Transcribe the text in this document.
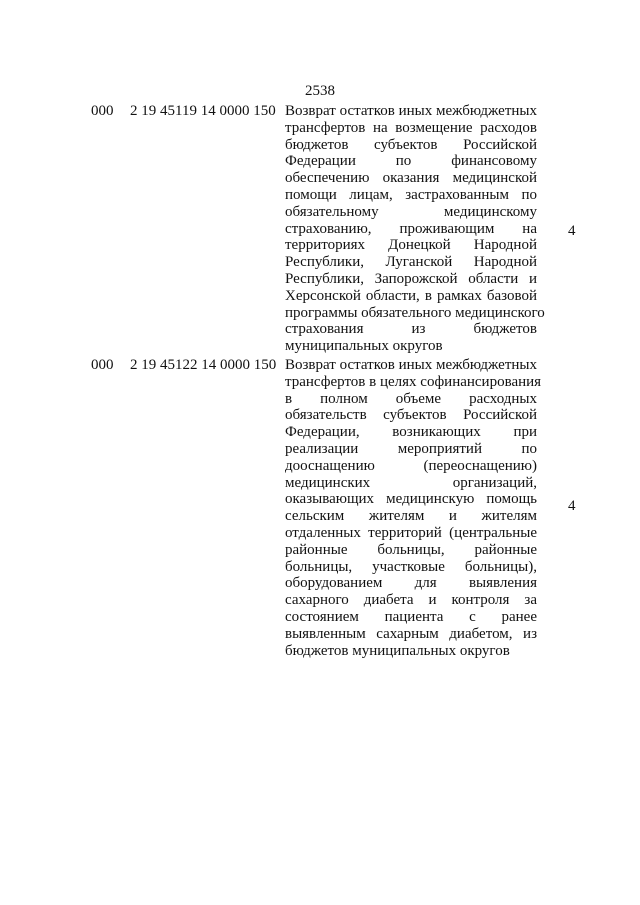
2538
000 2 19 45119 14 0000 150 Возврат остатков иных межбюджетных
трансфертов на возмещение расходов
бюджетов субъектов Российской
Федерации по финансовому
обеспечению оказания медицинской
помощи лицам, застрахованным по
обязательному медицинскому
страхованию, проживающим на
территориях Донецкой Народной
Республики, Луганской Народной
Республики, Запорожской области и
Херсонской области, в рамках базовой
программы обязательного медицинского
страхования из бюджетов
муниципальных округов
4
000 2 19 45122 14 0000 150 Возврат остатков иных межбюджетных
трансфертов в целях софинансирования
в полном объеме расходных
обязательств субъектов Российской
Федерации, возникающих при
реализации мероприятий по
дооснащению (переоснащению)
медицинских организаций,
оказывающих медицинскую помощь
сельским жителям и жителям
отдаленных территорий (центральные
районные больницы, районные
больницы, участковые больницы),
оборудованием для выявления
сахарного диабета и контроля за
состоянием пациента с ранее
выявленным сахарным диабетом, из
бюджетов муниципальных округов
4
